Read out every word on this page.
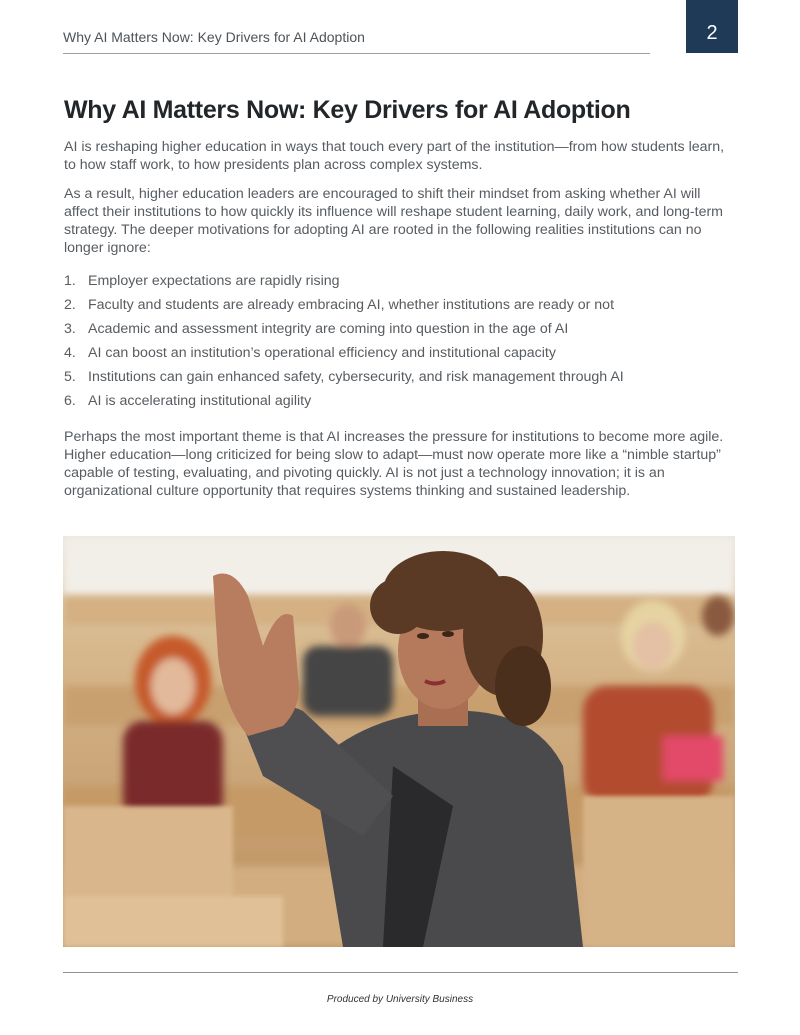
Why AI Matters Now: Key Drivers for AI Adoption	2
Why AI Matters Now: Key Drivers for AI Adoption

AI is reshaping higher education in ways that touch every part of the institution—from how students learn, to how staff work, to how presidents plan across complex systems.

As a result, higher education leaders are encouraged to shift their mindset from asking whether AI will affect their institutions to how quickly its influence will reshape student learning, daily work, and long-term strategy. The deeper motivations for adopting AI are rooted in the following realities institutions can no longer ignore:

1. Employer expectations are rapidly rising
2. Faculty and students are already embracing AI, whether institutions are ready or not
3. Academic and assessment integrity are coming into question in the age of AI
4. AI can boost an institution’s operational efficiency and institutional capacity
5. Institutions can gain enhanced safety, cybersecurity, and risk management through AI
6. AI is accelerating institutional agility

Perhaps the most important theme is that AI increases the pressure for institutions to become more agile. Higher education—long criticized for being slow to adapt—must now operate more like a “nimble startup” capable of testing, evaluating, and pivoting quickly. AI is not just a technology innovation; it is an organizational culture opportunity that requires systems thinking and sustained leadership.

Produced by University Business
